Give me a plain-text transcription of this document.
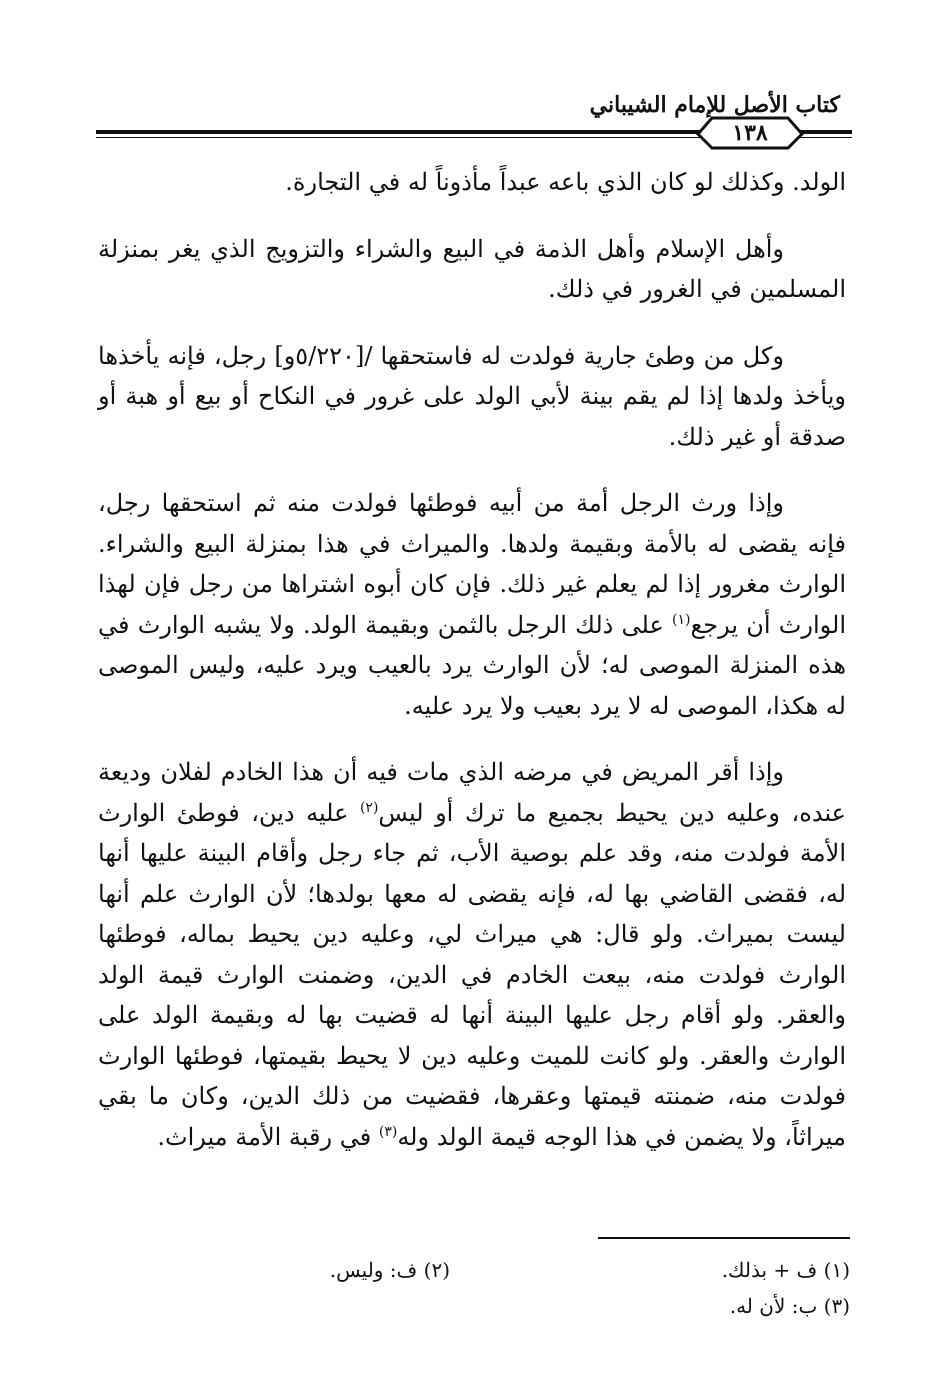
كتاب الأصل للإمام الشيباني
١٣٨

الولد. وكذلك لو كان الذي باعه عبداً مأذوناً له في التجارة.

وأهل الإسلام وأهل الذمة في البيع والشراء والتزويج الذي يغر بمنزلة المسلمين في الغرور في ذلك.

وكل من وطئ جارية فولدت له فاستحقها /[٥/٢٢٠و] رجل، فإنه يأخذها ويأخذ ولدها إذا لم يقم بينة لأبي الولد على غرور في النكاح أو بيع أو هبة أو صدقة أو غير ذلك.

وإذا ورث الرجل أمة من أبيه فوطئها فولدت منه ثم استحقها رجل، فإنه يقضى له بالأمة وبقيمة ولدها. والميراث في هذا بمنزلة البيع والشراء. الوارث مغرور إذا لم يعلم غير ذلك. فإن كان أبوه اشتراها من رجل فإن لهذا الوارث أن يرجع$^{(١)}$ على ذلك الرجل بالثمن وبقيمة الولد. ولا يشبه الوارث في هذه المنزلة الموصى له؛ لأن الوارث يرد بالعيب ويرد عليه، وليس الموصى له هكذا، الموصى له لا يرد بعيب ولا يرد عليه.

وإذا أقر المريض في مرضه الذي مات فيه أن هذا الخادم لفلان وديعة عنده، وعليه دين يحيط بجميع ما ترك أو ليس$^{(٢)}$ عليه دين، فوطئ الوارث الأمة فولدت منه، وقد علم بوصية الأب، ثم جاء رجل وأقام البينة عليها أنها له، فقضى القاضي بها له، فإنه يقضى له معها بولدها؛ لأن الوارث علم أنها ليست بميراث. ولو قال: هي ميراث لي، وعليه دين يحيط بماله، فوطئها الوارث فولدت منه، بيعت الخادم في الدين، وضمنت الوارث قيمة الولد والعقر. ولو أقام رجل عليها البينة أنها له قضيت بها له وبقيمة الولد على الوارث والعقر. ولو كانت للميت وعليه دين لا يحيط بقيمتها، فوطئها الوارث فولدت منه، ضمنته قيمتها وعقرها، فقضيت من ذلك الدين، وكان ما بقي ميراثاً، ولا يضمن في هذا الوجه قيمة الولد وله$^{(٣)}$ في رقبة الأمة ميراث.

(١) ف + بذلك.
(٢) ف: وليس.
(٣) ب: لأن له.
